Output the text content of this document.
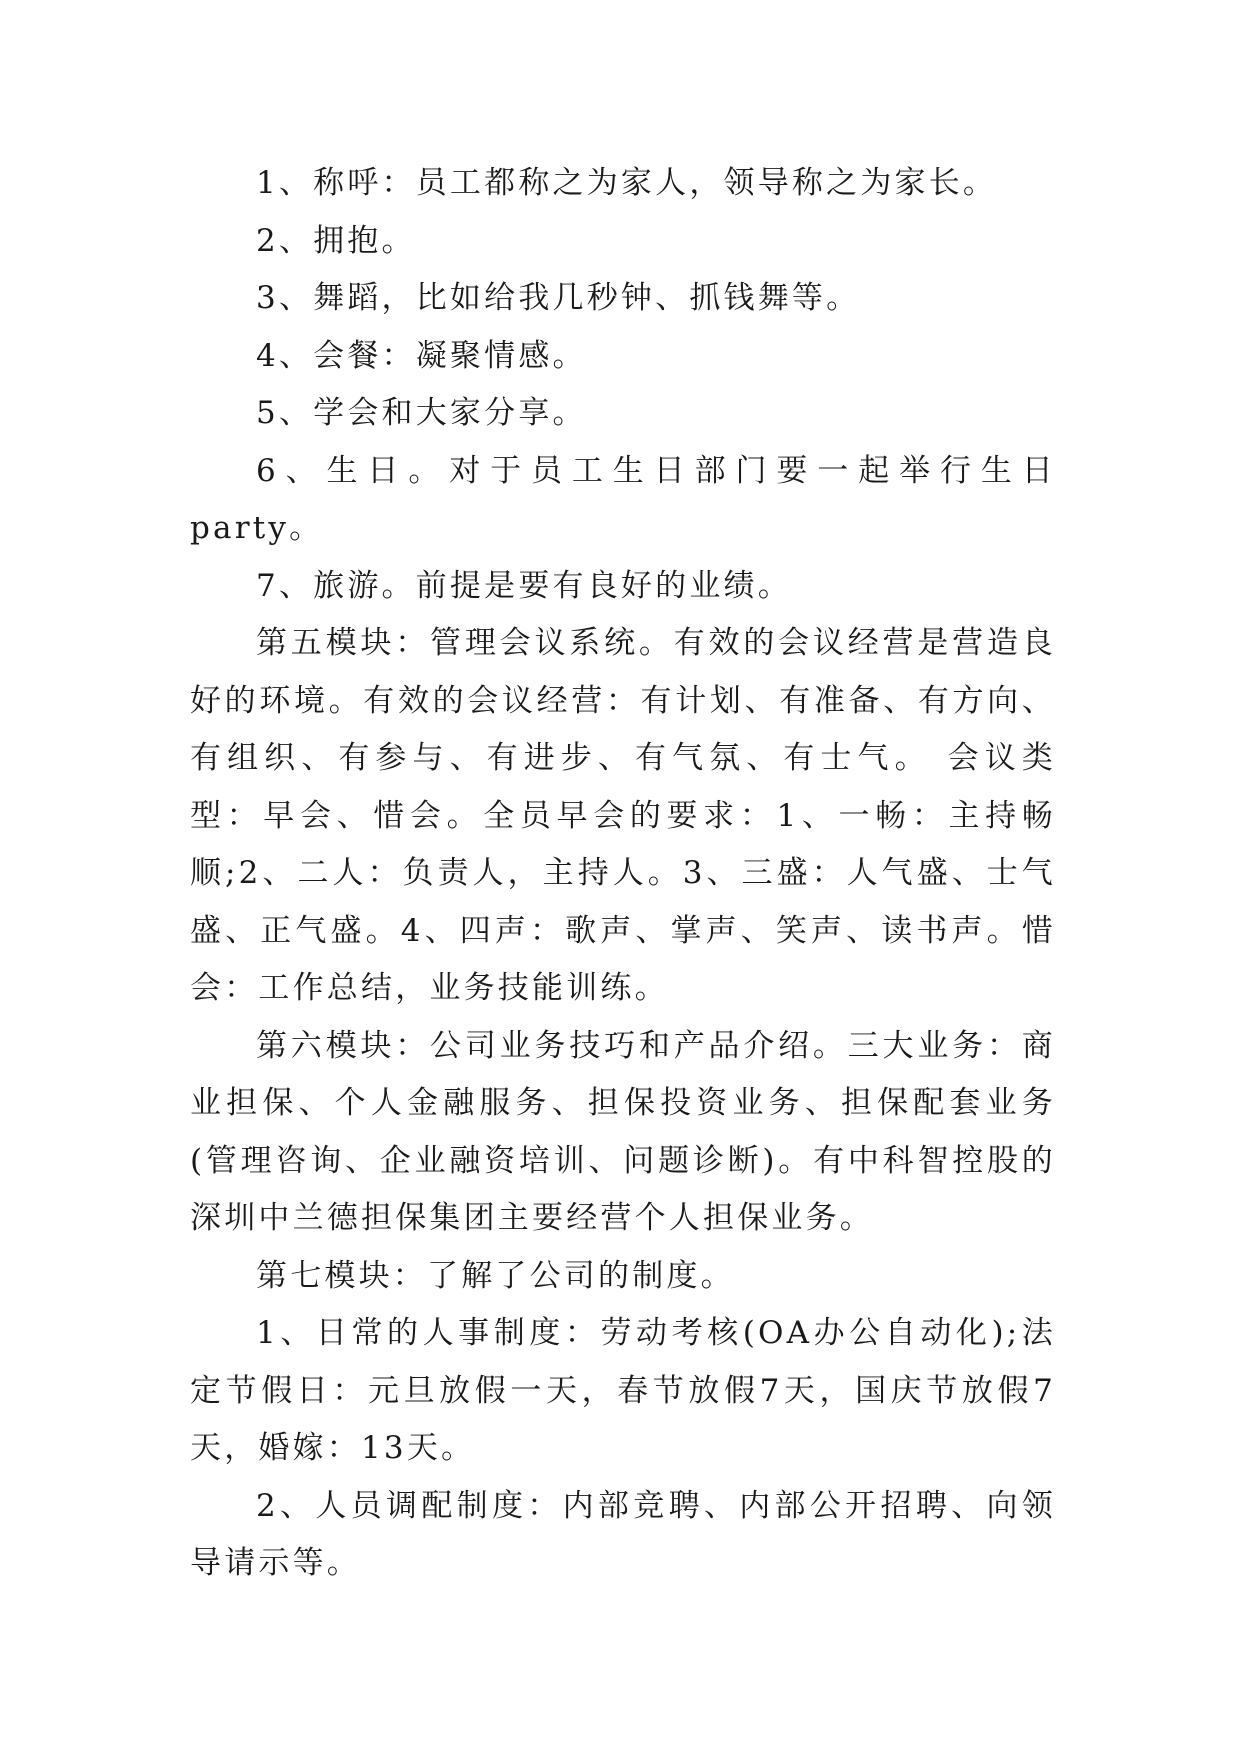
1、称呼：员工都称之为家人，领导称之为家长。

2、拥抱。

3、舞蹈，比如给我几秒钟、抓钱舞等。

4、会餐：凝聚情感。

5、学会和大家分享。

6、生日。对于员工生日部门要一起举行生日party。

7、旅游。前提是要有良好的业绩。

第五模块：管理会议系统。有效的会议经营是营造良好的环境。有效的会议经营：有计划、有准备、有方向、有组织、有参与、有进步、有气氛、有士气。 会议类型：早会、惜会。全员早会的要求：1、一畅：主持畅顺;2、二人：负责人，主持人。3、三盛：人气盛、士气盛、正气盛。4、四声：歌声、掌声、笑声、读书声。惜会：工作总结，业务技能训练。

第六模块：公司业务技巧和产品介绍。三大业务：商业担保、个人金融服务、担保投资业务、担保配套业务(管理咨询、企业融资培训、问题诊断)。有中科智控股的深圳中兰德担保集团主要经营个人担保业务。

第七模块：了解了公司的制度。

1、日常的人事制度：劳动考核(OA办公自动化);法定节假日：元旦放假一天，春节放假7天，国庆节放假7天，婚嫁：13天。

2、人员调配制度：内部竞聘、内部公开招聘、向领导请示等。
